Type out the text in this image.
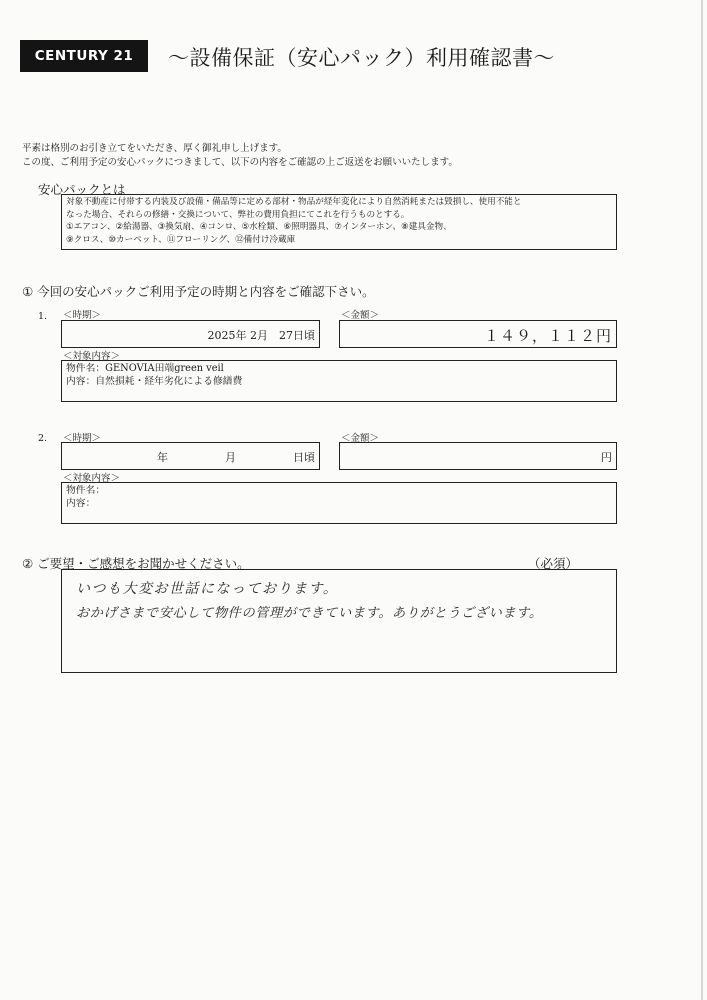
CENTURY 21 〜設備保証（安心パック）利用確認書〜
平素は格別のお引き立てをいただき、厚く御礼申し上げます。
この度、ご利用予定の安心パックにつきまして、以下の内容をご確認の上ご返送をお願いいたします。
安心パックとは
対象不動産に付帯する内装及び設備・備品等に定める部材・物品が経年変化により自然消耗または毀損し、使用不能と
なった場合、それらの修繕・交換について、弊社の費用負担にてこれを行うものとする。
①エアコン、②給湯器、③換気扇、④コンロ、⑤水栓類、⑥照明器具、⑦インターホン、⑧建具金物、
⑨クロス、⑩カーペット、⑪フローリング、⑫備付け冷蔵庫
① 今回の安心パックご利用予定の時期と内容をご確認下さい。
1. ＜時期＞
2025年 2月　27日頃
＜金額＞
１４９，１１２円
＜対象内容＞
物件名：GENOVIA田端green veil
内容：自然損耗・経年劣化による修繕費
2. ＜時期＞
年	月	日頃
＜金額＞
円
＜対象内容＞
物件名：
内容：
② ご要望・ご感想をお聞かせください。	（必須）
いつも大変お世話になっております。
おかげさまで安心して物件の管理ができています。ありがとうございます。
